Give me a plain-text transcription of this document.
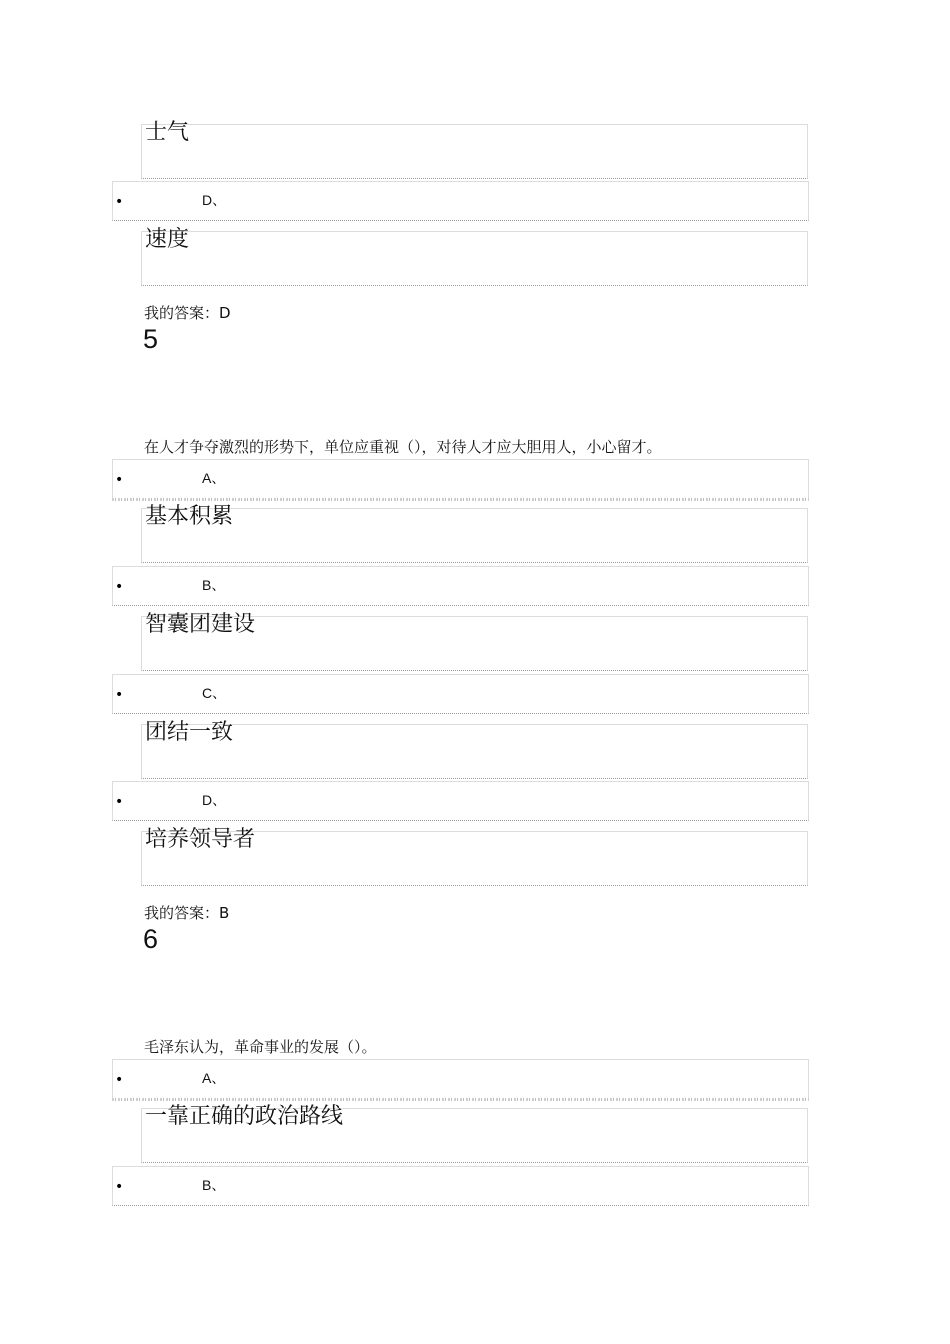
士气
•	D、
速度
我的答案：D
5
在人才争夺激烈的形势下，单位应重视（），对待人才应大胆用人，小心留才。
•	A、
基本积累
•	B、
智囊团建设
•	C、
团结一致
•	D、
培养领导者
我的答案：B
6
毛泽东认为，革命事业的发展（）。
•	A、
一靠正确的政治路线
•	B、
